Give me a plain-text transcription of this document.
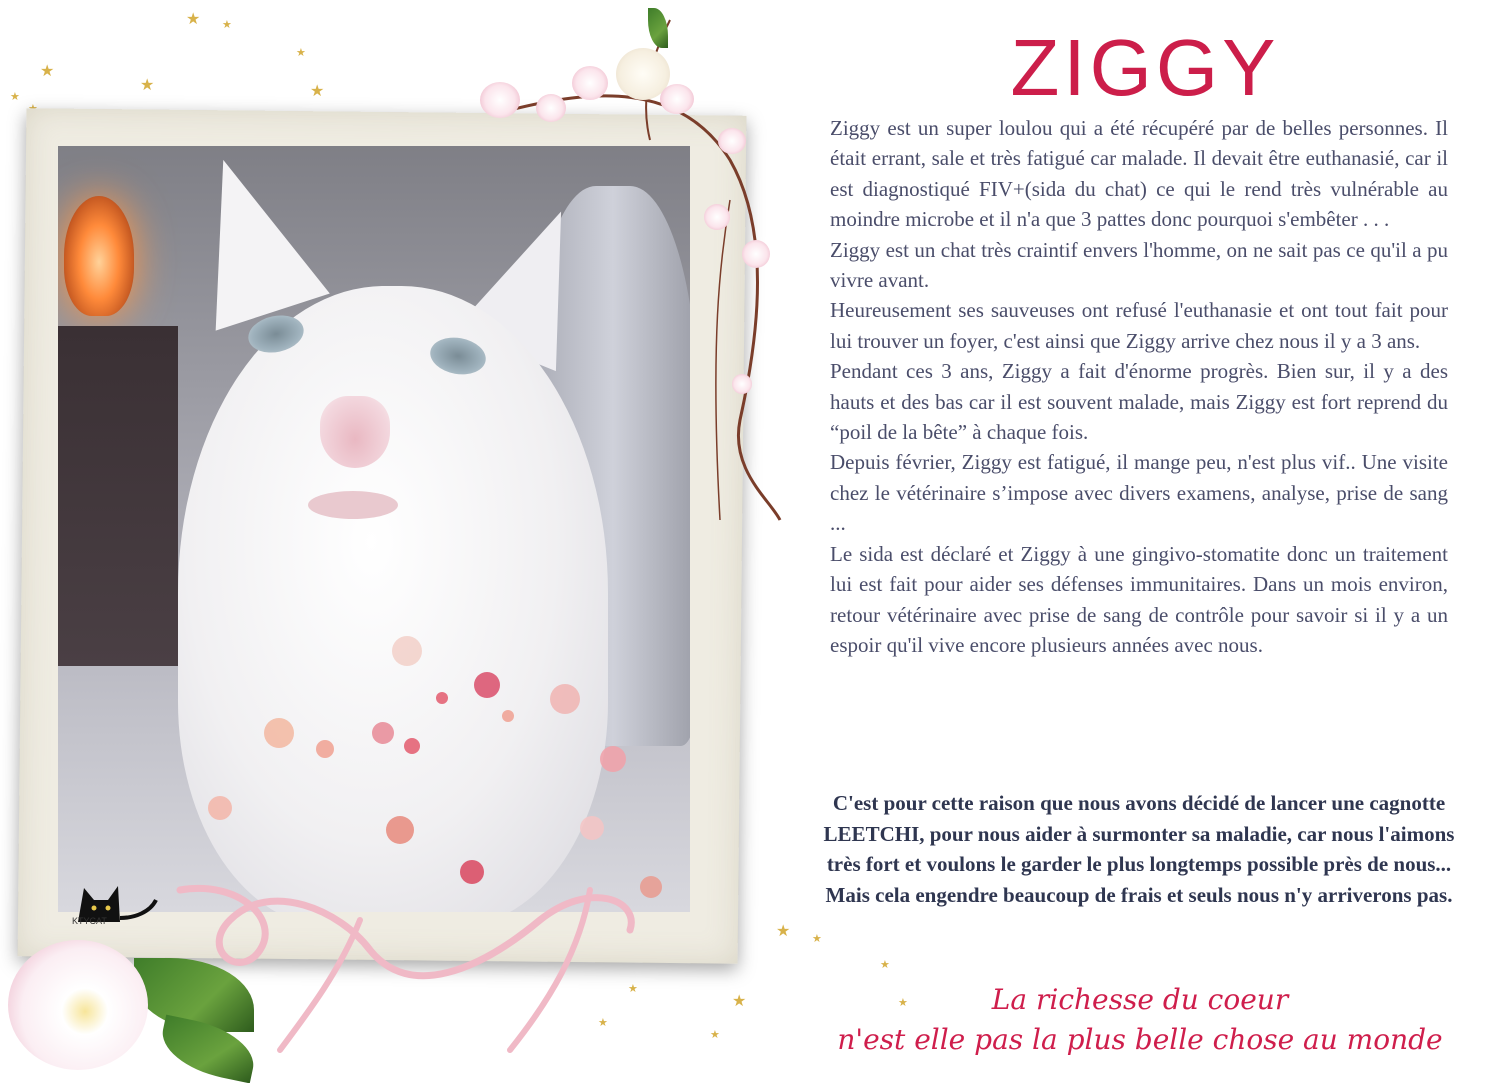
★ ★
★
★
★
★
★
★ ★
★	★
★
★
★
★
KTYCAT
ZIGGY

Ziggy est un super loulou qui a été récupéré par de belles personnes. Il était errant, sale et très fatigué car malade. Il devait être euthanasié, car il est diagnostiqué FIV+(sida du chat) ce qui le rend très vulnérable au moindre microbe et il n'a que 3 pattes donc pourquoi s'embêter . . .

Ziggy est un chat très craintif envers l'homme, on ne sait pas ce qu'il a pu vivre avant.

Heureusement ses sauveuses ont refusé l'euthanasie et ont tout fait pour lui trouver un foyer, c'est ainsi que Ziggy arrive chez nous il y a 3 ans.

Pendant ces 3 ans, Ziggy a fait d'énorme progrès. Bien sur, il y a des hauts et des bas car il est souvent malade, mais Ziggy est fort reprend du “poil de la bête” à chaque fois.

Depuis février, Ziggy est fatigué, il mange peu, n'est plus vif.. Une visite chez le vétérinaire s’impose avec divers examens, analyse, prise de sang ...

Le sida est déclaré et Ziggy à une gingivo-stomatite donc un traitement lui est fait pour aider ses défenses immunitaires. Dans un mois environ, retour vétérinaire avec prise de sang de contrôle pour savoir si il y a un espoir qu'il vive encore plusieurs années avec nous.

C'est pour cette raison que nous avons décidé de lancer une cagnotte LEETCHI, pour nous aider à surmonter sa maladie, car nous l'aimons très fort et voulons le garder le plus longtemps possible près de nous...

Mais cela engendre beaucoup de frais et seuls nous n'y arriverons pas.

La richesse du coeur

n'est elle pas la plus belle chose au monde
